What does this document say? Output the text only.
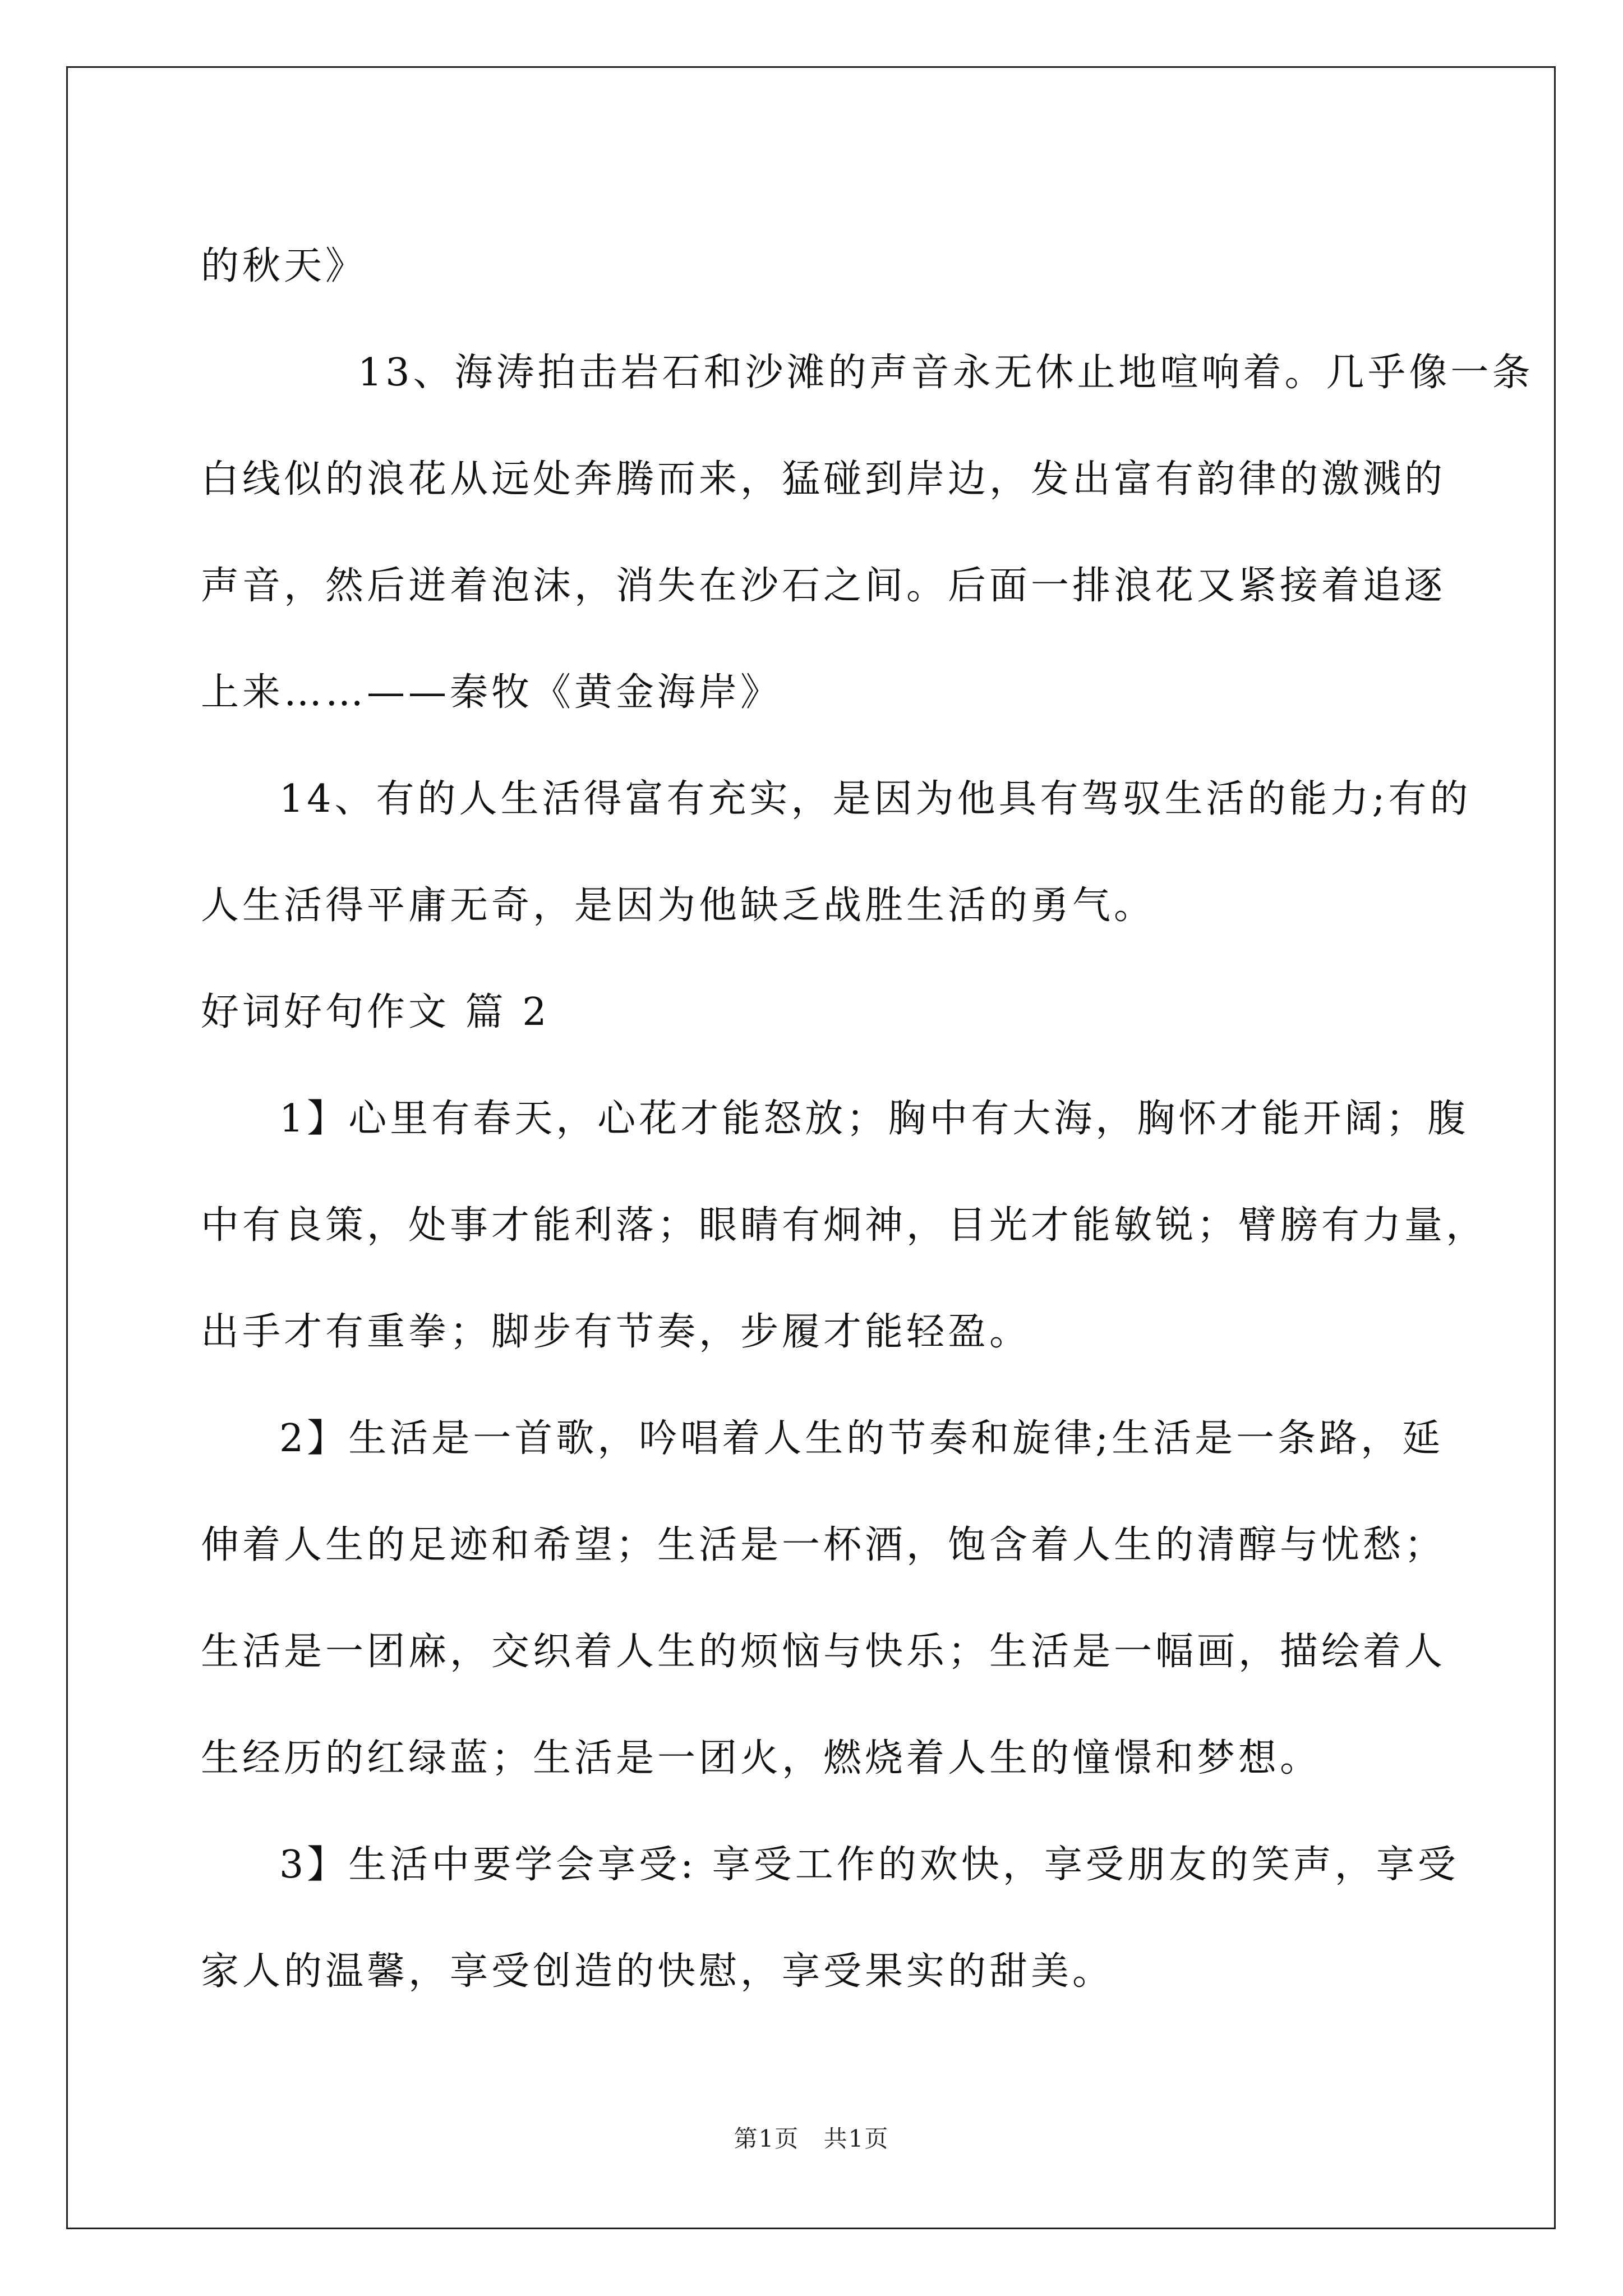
的秋天》

13、海涛拍击岩石和沙滩的声音永无休止地喧响着。几乎像一条

白线似的浪花从远处奔腾而来，猛碰到岸边，发出富有韵律的激溅的

声音，然后迸着泡沫，消失在沙石之间。后面一排浪花又紧接着追逐

上来……——秦牧《黄金海岸》

14、有的人生活得富有充实，是因为他具有驾驭生活的能力;有的

人生活得平庸无奇，是因为他缺乏战胜生活的勇气。

好词好句作文 篇 2

1】心里有春天，心花才能怒放；胸中有大海，胸怀才能开阔；腹

中有良策，处事才能利落；眼睛有炯神，目光才能敏锐；臂膀有力量，

出手才有重拳；脚步有节奏，步履才能轻盈。

2】生活是一首歌，吟唱着人生的节奏和旋律;生活是一条路，延

伸着人生的足迹和希望；生活是一杯酒，饱含着人生的清醇与忧愁；

生活是一团麻，交织着人生的烦恼与快乐；生活是一幅画，描绘着人

生经历的红绿蓝；生活是一团火，燃烧着人生的憧憬和梦想。

3】生活中要学会享受: 享受工作的欢快，享受朋友的笑声，享受

家人的温馨，享受创造的快慰，享受果实的甜美。

第1页 共1页
